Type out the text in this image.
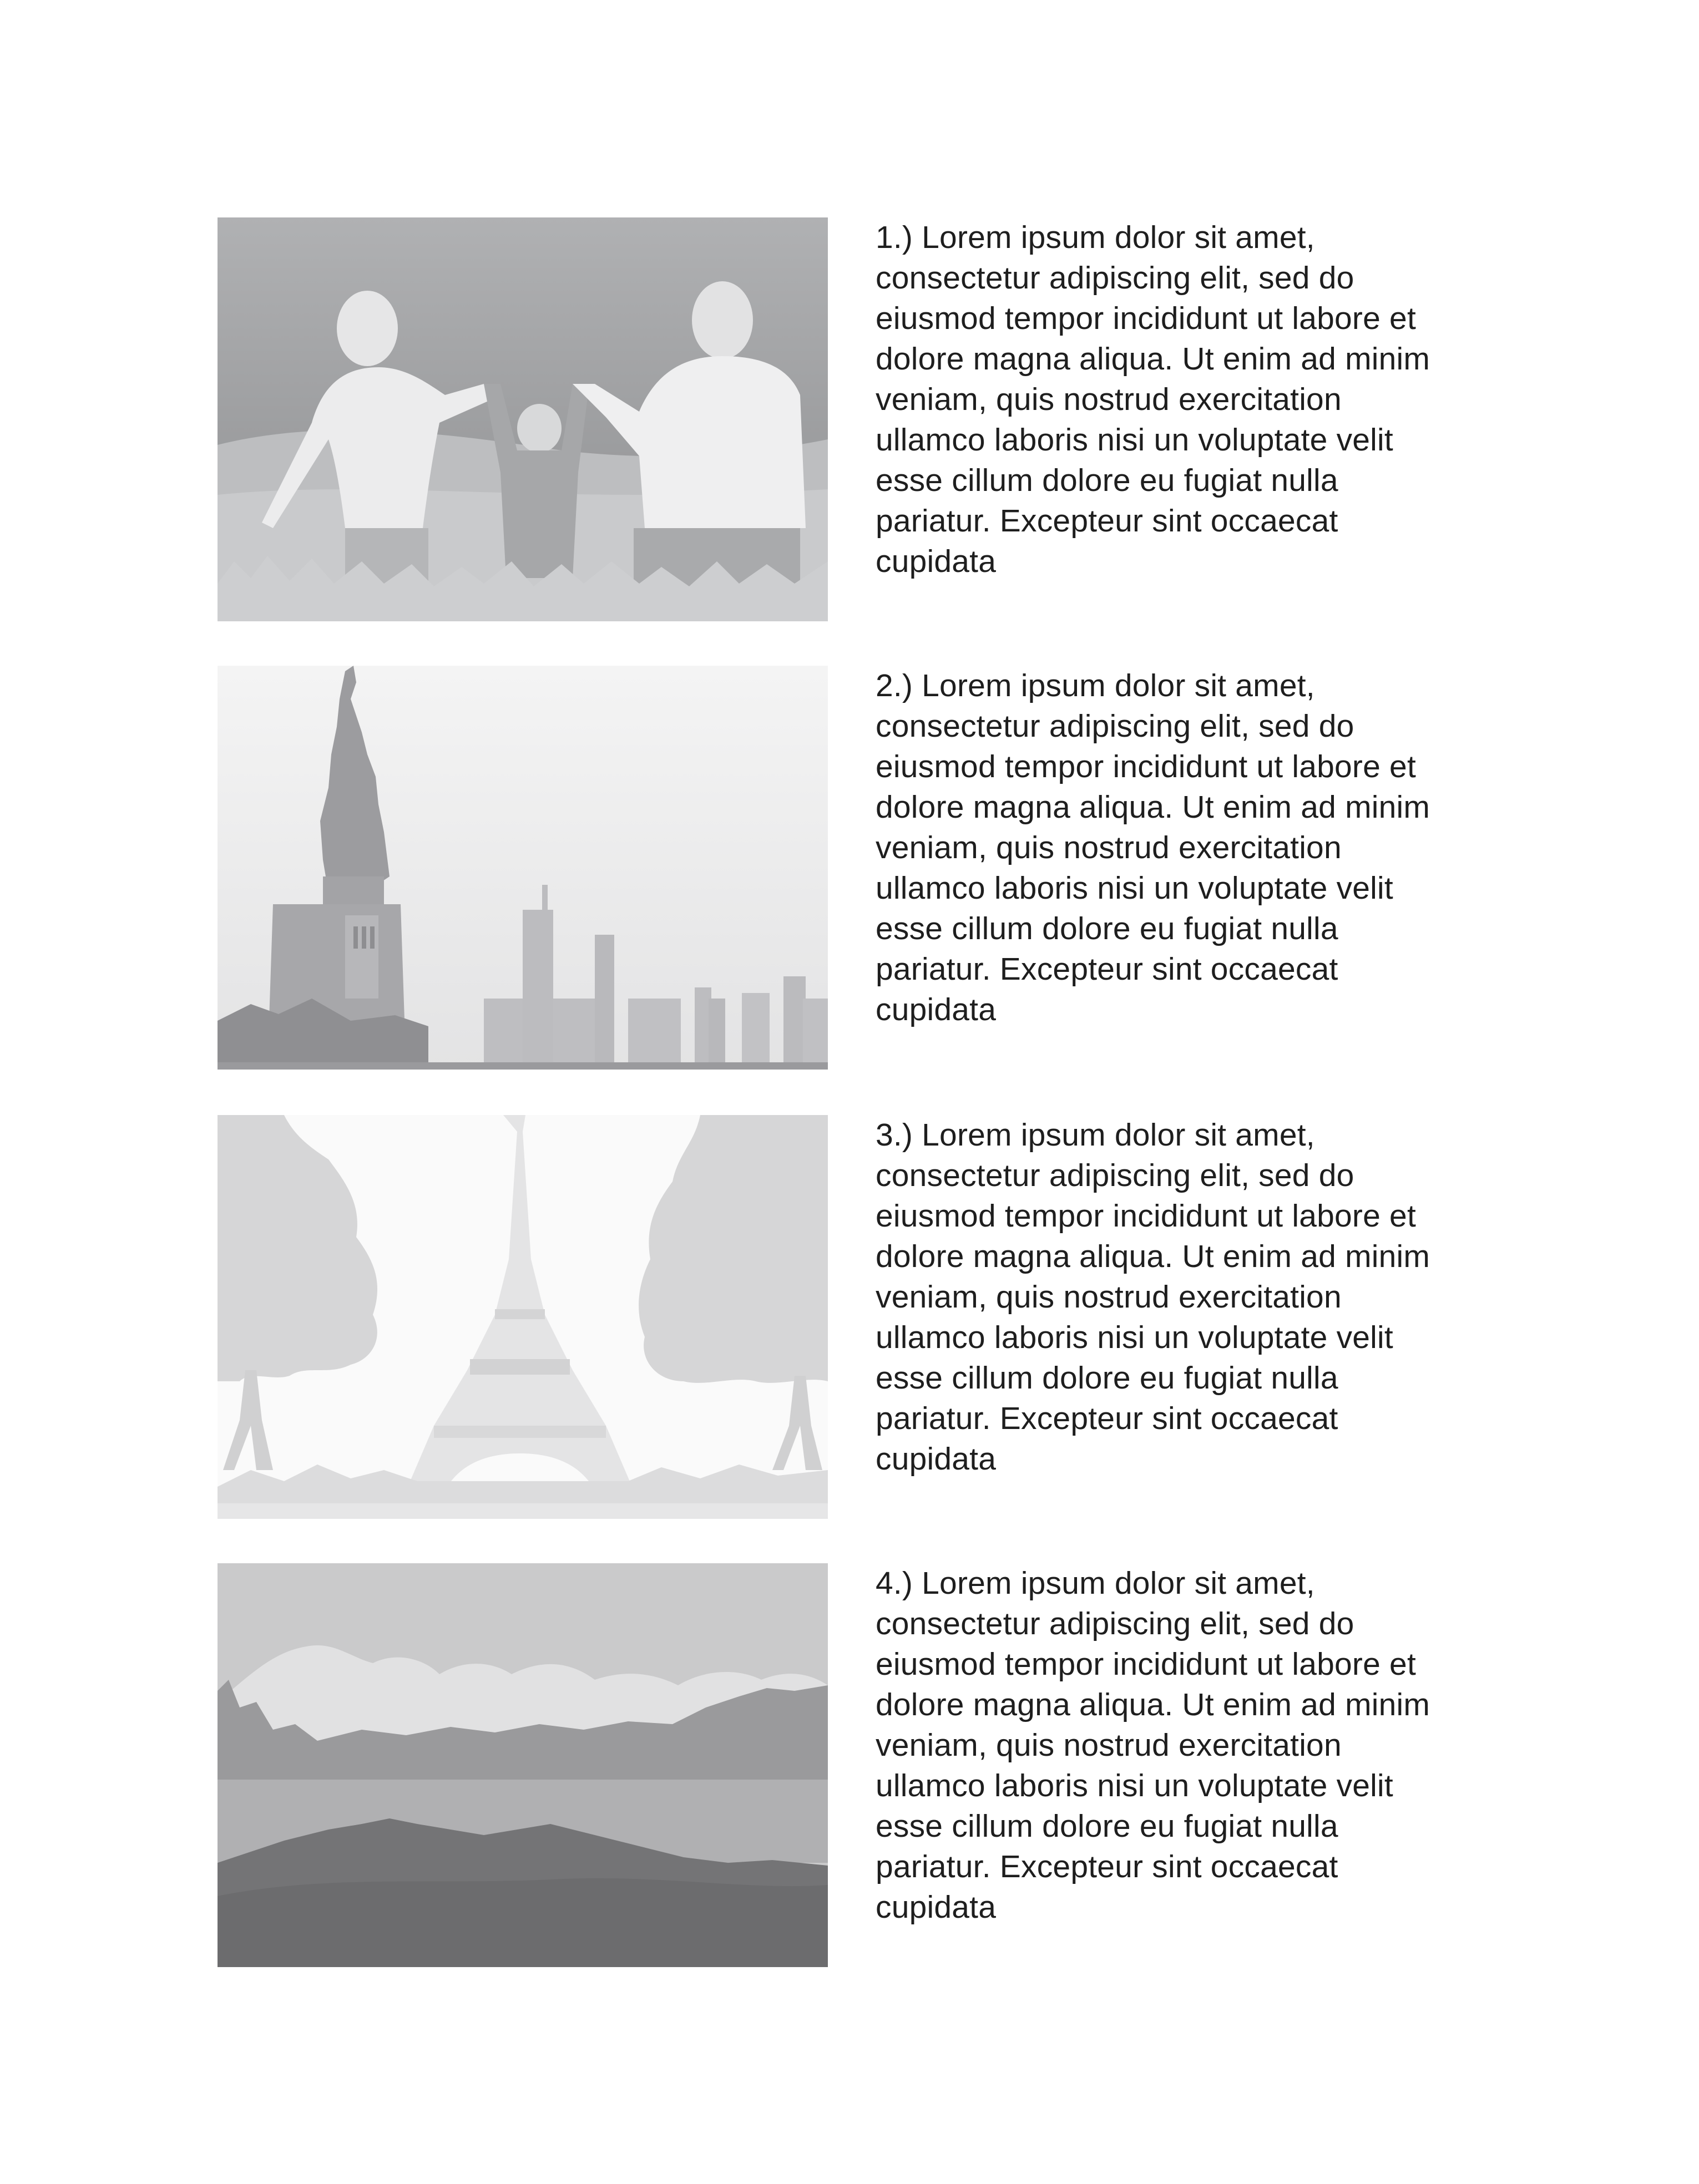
1.) Lorem ipsum dolor sit amet,
consectetur adipiscing elit, sed do
eiusmod tempor incididunt ut labore et
dolore magna aliqua. Ut enim ad minim
veniam, quis nostrud exercitation
ullamco laboris nisi un voluptate velit
esse cillum dolore eu fugiat nulla
pariatur. Excepteur sint occaecat
cupidata

2.) Lorem ipsum dolor sit amet,
consectetur adipiscing elit, sed do
eiusmod tempor incididunt ut labore et
dolore magna aliqua. Ut enim ad minim
veniam, quis nostrud exercitation
ullamco laboris nisi un voluptate velit
esse cillum dolore eu fugiat nulla
pariatur. Excepteur sint occaecat
cupidata

3.) Lorem ipsum dolor sit amet,
consectetur adipiscing elit, sed do
eiusmod tempor incididunt ut labore et
dolore magna aliqua. Ut enim ad minim
veniam, quis nostrud exercitation
ullamco laboris nisi un voluptate velit
esse cillum dolore eu fugiat nulla
pariatur. Excepteur sint occaecat
cupidata

4.) Lorem ipsum dolor sit amet,
consectetur adipiscing elit, sed do
eiusmod tempor incididunt ut labore et
dolore magna aliqua. Ut enim ad minim
veniam, quis nostrud exercitation
ullamco laboris nisi un voluptate velit
esse cillum dolore eu fugiat nulla
pariatur. Excepteur sint occaecat
cupidata
